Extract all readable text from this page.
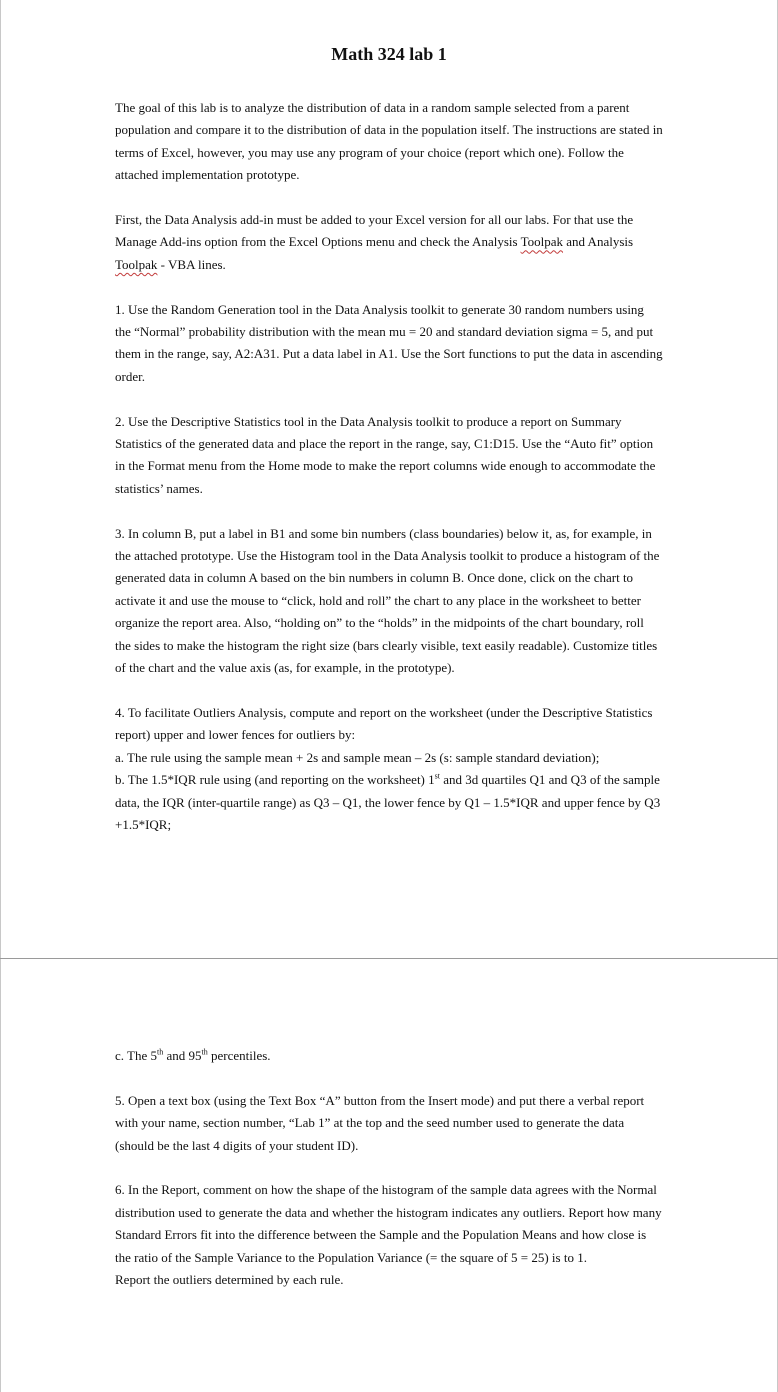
Math 324 lab 1

The goal of this lab is to analyze the distribution of data in a random sample selected from a parent population and compare it to the distribution of data in the population itself. The instructions are stated in terms of Excel, however, you may use any program of your choice (report which one). Follow the attached implementation prototype.

First, the Data Analysis add-in must be added to your Excel version for all our labs. For that use the Manage Add-ins option from the Excel Options menu and check the Analysis Toolpak and Analysis Toolpak - VBA lines.

1. Use the Random Generation tool in the Data Analysis toolkit to generate 30 random numbers using the “Normal” probability distribution with the mean mu = 20 and standard deviation sigma = 5, and put them in the range, say, A2:A31. Put a data label in A1. Use the Sort functions to put the data in ascending order.

2. Use the Descriptive Statistics tool in the Data Analysis toolkit to produce a report on Summary Statistics of the generated data and place the report in the range, say, C1:D15. Use the “Auto fit” option in the Format menu from the Home mode to make the report columns wide enough to accommodate the statistics’ names.

3. In column B, put a label in B1 and some bin numbers (class boundaries) below it, as, for example, in the attached prototype. Use the Histogram tool in the Data Analysis toolkit to produce a histogram of the generated data in column A based on the bin numbers in column B. Once done, click on the chart to activate it and use the mouse to “click, hold and roll” the chart to any place in the worksheet to better organize the report area. Also, “holding on” to the “holds” in the midpoints of the chart boundary, roll the sides to make the histogram the right size (bars clearly visible, text easily readable). Customize titles of the chart and the value axis (as, for example, in the prototype).

4. To facilitate Outliers Analysis, compute and report on the worksheet (under the Descriptive Statistics report) upper and lower fences for outliers by:

a. The rule using the sample mean + 2s and sample mean – 2s (s: sample standard deviation);

b. The 1.5*IQR rule using (and reporting on the worksheet) 1st and 3d quartiles Q1 and Q3 of the sample data, the IQR (inter-quartile range) as Q3 – Q1, the lower fence by Q1 – 1.5*IQR and upper fence by Q3 +1.5*IQR;

c. The 5th and 95th percentiles.

5. Open a text box (using the Text Box “A” button from the Insert mode) and put there a verbal report with your name, section number, “Lab 1” at the top and the seed number used to generate the data (should be the last 4 digits of your student ID).

6. In the Report, comment on how the shape of the histogram of the sample data agrees with the Normal distribution used to generate the data and whether the histogram indicates any outliers. Report how many Standard Errors fit into the difference between the Sample and the Population Means and how close is the ratio of the Sample Variance to the Population Variance (= the square of 5 = 25) is to 1.

Report the outliers determined by each rule.
